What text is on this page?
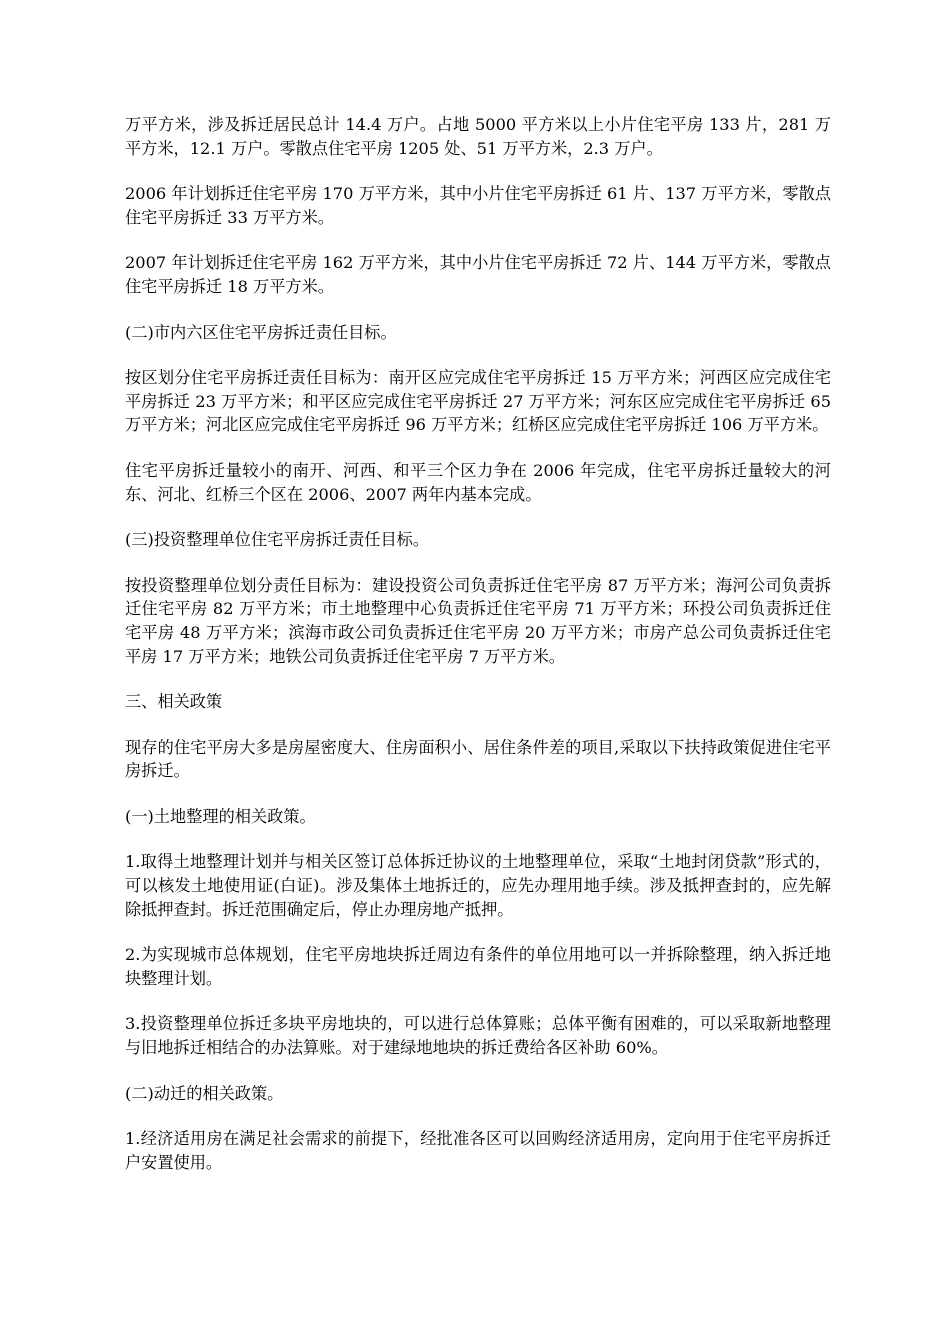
万平方米，涉及拆迁居民总计 14.4 万户。占地 5000 平方米以上小片住宅平房 133 片，281 万平方米，12.1 万户。零散点住宅平房 1205 处、51 万平方米，2.3 万户。

2006 年计划拆迁住宅平房 170 万平方米，其中小片住宅平房拆迁 61 片、137 万平方米，零散点住宅平房拆迁 33 万平方米。

2007 年计划拆迁住宅平房 162 万平方米，其中小片住宅平房拆迁 72 片、144 万平方米，零散点住宅平房拆迁 18 万平方米。

(二)市内六区住宅平房拆迁责任目标。

按区划分住宅平房拆迁责任目标为：南开区应完成住宅平房拆迁 15 万平方米；河西区应完成住宅平房拆迁 23 万平方米；和平区应完成住宅平房拆迁 27 万平方米；河东区应完成住宅平房拆迁 65 万平方米；河北区应完成住宅平房拆迁 96 万平方米；红桥区应完成住宅平房拆迁 106 万平方米。

住宅平房拆迁量较小的南开、河西、和平三个区力争在 2006 年完成，住宅平房拆迁量较大的河东、河北、红桥三个区在 2006、2007 两年内基本完成。

(三)投资整理单位住宅平房拆迁责任目标。

按投资整理单位划分责任目标为：建设投资公司负责拆迁住宅平房 87 万平方米；海河公司负责拆迁住宅平房 82 万平方米；市土地整理中心负责拆迁住宅平房 71 万平方米；环投公司负责拆迁住宅平房 48 万平方米；滨海市政公司负责拆迁住宅平房 20 万平方米；市房产总公司负责拆迁住宅平房 17 万平方米；地铁公司负责拆迁住宅平房 7 万平方米。

三、相关政策

现存的住宅平房大多是房屋密度大、住房面积小、居住条件差的项目,采取以下扶持政策促进住宅平房拆迁。

(一)土地整理的相关政策。

1.取得土地整理计划并与相关区签订总体拆迁协议的土地整理单位，采取“土地封闭贷款”形式的，可以核发土地使用证(白证)。涉及集体土地拆迁的，应先办理用地手续。涉及抵押查封的，应先解除抵押查封。拆迁范围确定后，停止办理房地产抵押。

2.为实现城市总体规划，住宅平房地块拆迁周边有条件的单位用地可以一并拆除整理，纳入拆迁地块整理计划。

3.投资整理单位拆迁多块平房地块的，可以进行总体算账；总体平衡有困难的，可以采取新地整理与旧地拆迁相结合的办法算账。对于建绿地地块的拆迁费给各区补助 60%。

(二)动迁的相关政策。

1.经济适用房在满足社会需求的前提下，经批准各区可以回购经济适用房，定向用于住宅平房拆迁户安置使用。
